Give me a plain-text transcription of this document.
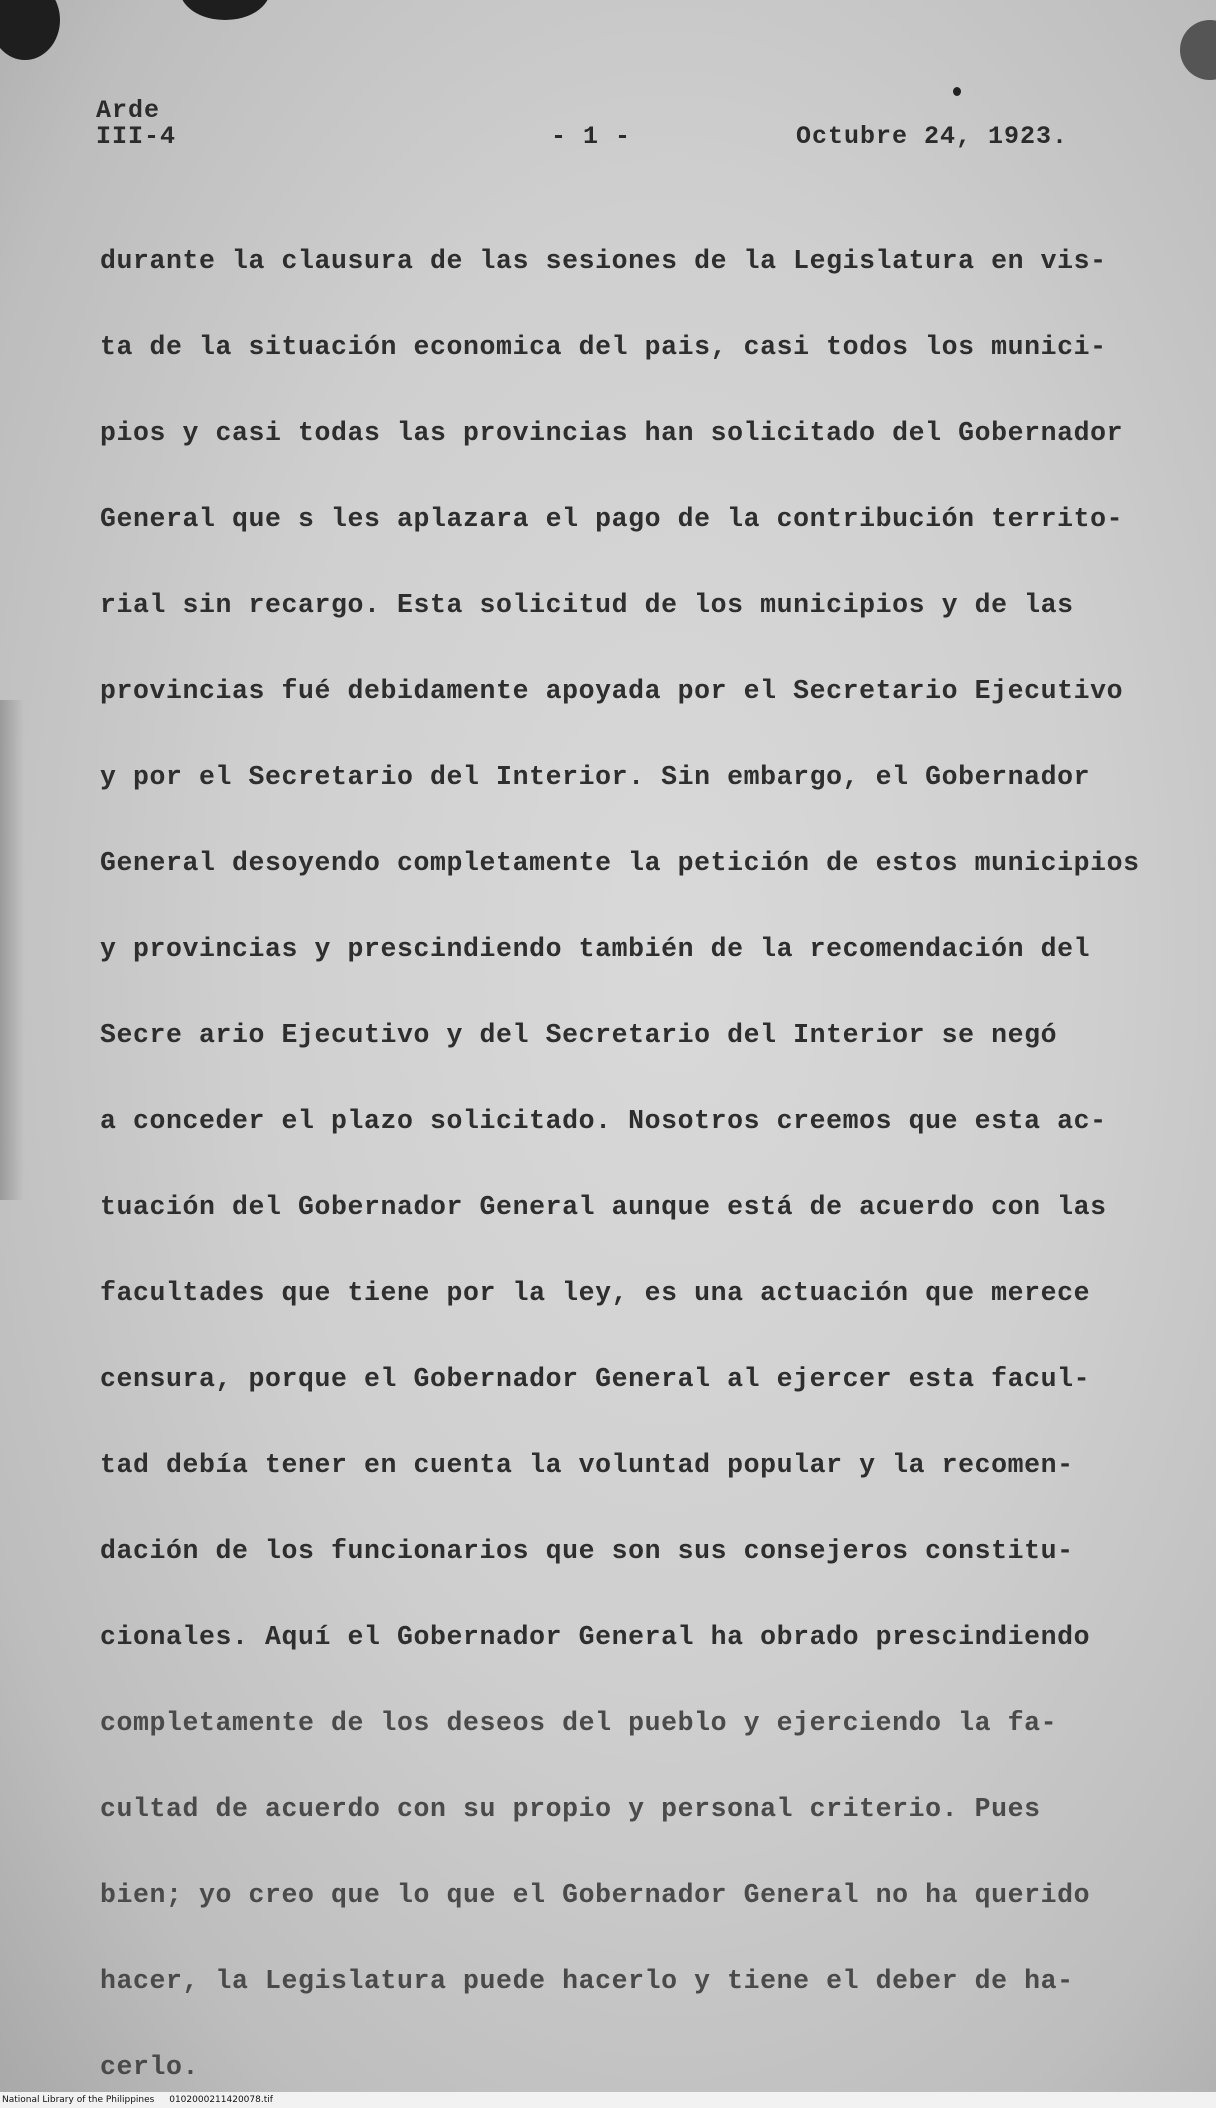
Arde
III-4	- 1 -	Octubre 24, 1923.
durante la clausura de las sesiones de la Legislatura en vis-
ta de la situación economica del pais, casi todos los munici-
pios y casi todas las provincias han solicitado del Gobernador
General que s les aplazara el pago de la contribución territo-
rial sin recargo. Esta solicitud de los municipios y de las
provincias fué debidamente apoyada por el Secretario Ejecutivo
y por el Secretario del Interior. Sin embargo, el Gobernador
General desoyendo completamente la petición de estos municipios
y provincias y prescindiendo también de la recomendación del
Secre ario Ejecutivo y del Secretario del Interior se negó
a conceder el plazo solicitado. Nosotros creemos que esta ac-
tuación del Gobernador General aunque está de acuerdo con las
facultades que tiene por la ley, es una actuación que merece
censura, porque el Gobernador General al ejercer esta facul-
tad debía tener en cuenta la voluntad popular y la recomen-
dación de los funcionarios que son sus consejeros constitu-
cionales. Aquí el Gobernador General ha obrado prescindiendo
completamente de los deseos del pueblo y ejerciendo la fa-
cultad de acuerdo con su propio y personal criterio. Pues
bien; yo creo que lo que el Gobernador General no ha querido
hacer, la Legislatura puede hacerlo y tiene el deber de ha-
cerlo.
National Library of the Philippines 0102000211420078.tif
